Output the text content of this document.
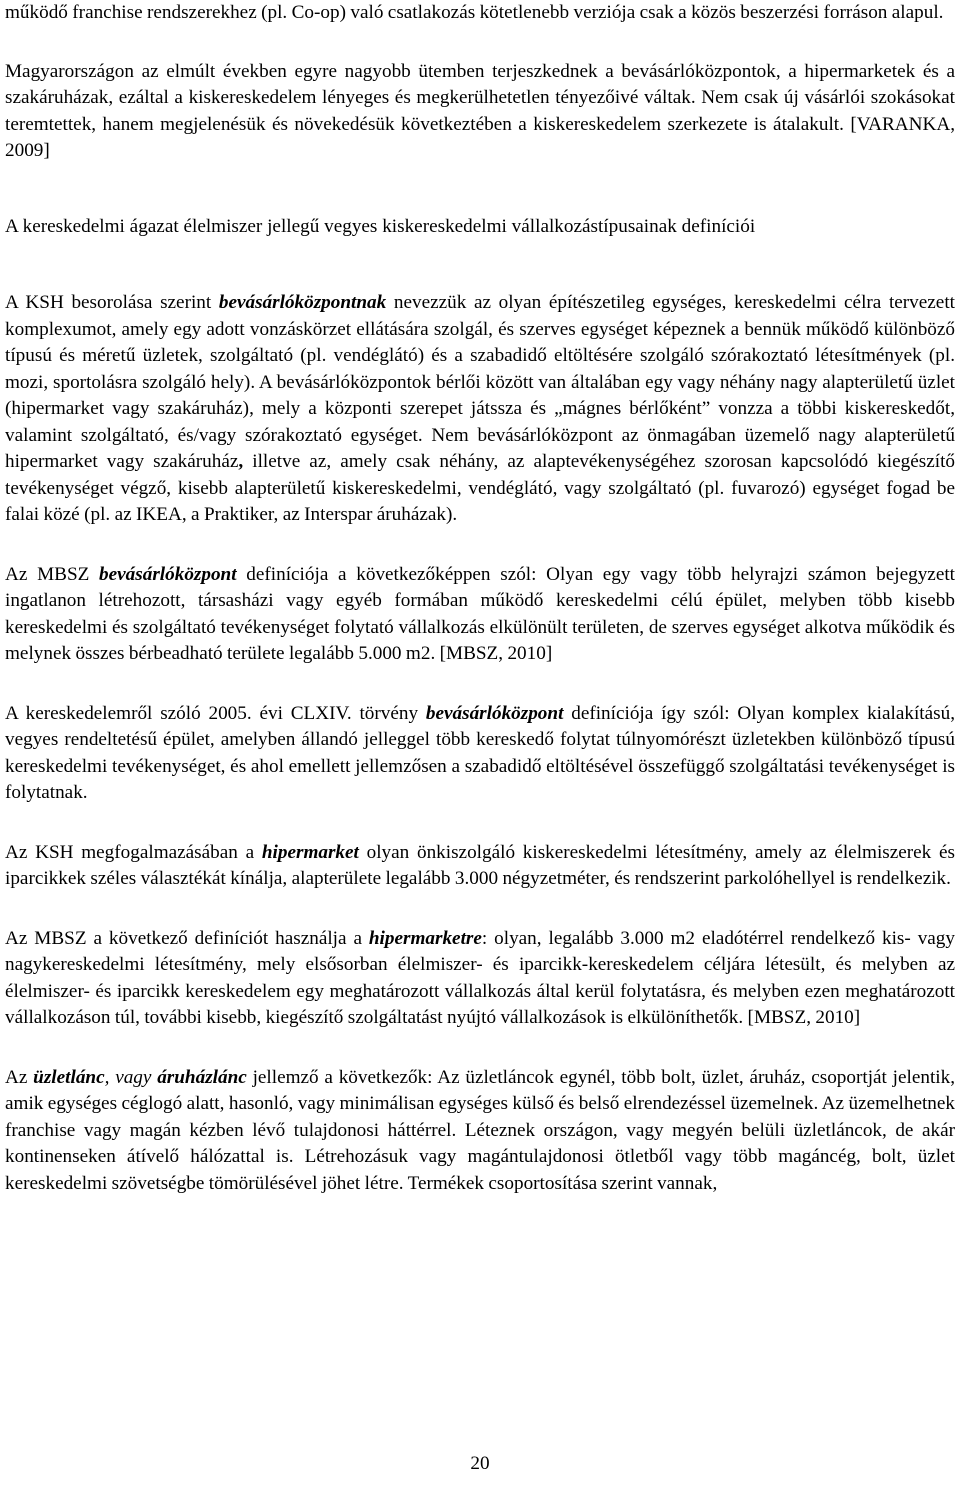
működő franchise rendszerekhez (pl. Co-op) való csatlakozás kötetlenebb verziója csak a közös beszerzési forráson alapul.

Magyarországon az elmúlt években egyre nagyobb ütemben terjeszkednek a bevásárlóközpontok, a hipermarketek és a szakáruházak, ezáltal a kiskereskedelem lényeges és megkerülhetetlen tényezőivé váltak. Nem csak új vásárlói szokásokat teremtettek, hanem megjelenésük és növekedésük következtében a kiskereskedelem szerkezete is átalakult. [VARANKA, 2009]

A kereskedelmi ágazat élelmiszer jellegű vegyes kiskereskedelmi vállalkozástípusainak definíciói

A KSH besorolása szerint bevásárlóközpontnak nevezzük az olyan építészetileg egységes, kereskedelmi célra tervezett komplexumot, amely egy adott vonzáskörzet ellátására szolgál, és szerves egységet képeznek a bennük működő különböző típusú és méretű üzletek, szolgáltató (pl. vendéglátó) és a szabadidő eltöltésére szolgáló szórakoztató létesítmények (pl. mozi, sportolásra szolgáló hely). A bevásárlóközpontok bérlői között van általában egy vagy néhány nagy alapterületű üzlet (hipermarket vagy szakáruház), mely a központi szerepet játssza és „mágnes bérlőként” vonzza a többi kiskereskedőt, valamint szolgáltató, és/vagy szórakoztató egységet. Nem bevásárlóközpont az önmagában üzemelő nagy alapterületű hipermarket vagy szakáruház, illetve az, amely csak néhány, az alaptevékenységéhez szorosan kapcsolódó kiegészítő tevékenységet végző, kisebb alapterületű kiskereskedelmi, vendéglátó, vagy szolgáltató (pl. fuvarozó) egységet fogad be falai közé (pl. az IKEA, a Praktiker, az Interspar áruházak).

Az MBSZ bevásárlóközpont definíciója a következőképpen szól: Olyan egy vagy több helyrajzi számon bejegyzett ingatlanon létrehozott, társasházi vagy egyéb formában működő kereskedelmi célú épület, melyben több kisebb kereskedelmi és szolgáltató tevékenységet folytató vállalkozás elkülönült területen, de szerves egységet alkotva működik és melynek összes bérbeadható területe legalább 5.000 m2. [MBSZ, 2010]

A kereskedelemről szóló 2005. évi CLXIV. törvény bevásárlóközpont definíciója így szól: Olyan komplex kialakítású, vegyes rendeltetésű épület, amelyben állandó jelleggel több kereskedő folytat túlnyomórészt üzletekben különböző típusú kereskedelmi tevékenységet, és ahol emellett jellemzősen a szabadidő eltöltésével összefüggő szolgáltatási tevékenységet is folytatnak.

Az KSH megfogalmazásában a hipermarket olyan önkiszolgáló kiskereskedelmi létesítmény, amely az élelmiszerek és iparcikkek széles választékát kínálja, alapterülete legalább 3.000 négyzetméter, és rendszerint parkolóhellyel is rendelkezik.

Az MBSZ a következő definíciót használja a hipermarketre: olyan, legalább 3.000 m2 eladótérrel rendelkező kis- vagy nagykereskedelmi létesítmény, mely elsősorban élelmiszer- és iparcikk-kereskedelem céljára létesült, és melyben az élelmiszer- és iparcikk kereskedelem egy meghatározott vállalkozás által kerül folytatásra, és melyben ezen meghatározott vállalkozáson túl, további kisebb, kiegészítő szolgáltatást nyújtó vállalkozások is elkülöníthetők. [MBSZ, 2010]

Az üzletlánc, vagy áruházlánc jellemző a következők: Az üzletláncok egynél, több bolt, üzlet, áruház, csoportját jelentik, amik egységes céglogó alatt, hasonló, vagy minimálisan egységes külső és belső elrendezéssel üzemelnek. Az üzemelhetnek franchise vagy magán kézben lévő tulajdonosi háttérrel. Léteznek országon, vagy megyén belüli üzletláncok, de akár kontinenseken átívelő hálózattal is. Létrehozásuk vagy magántulajdonosi ötletből vagy több magáncég, bolt, üzlet kereskedelmi szövetségbe tömörülésével jöhet létre. Termékek csoportosítása szerint vannak,

20
